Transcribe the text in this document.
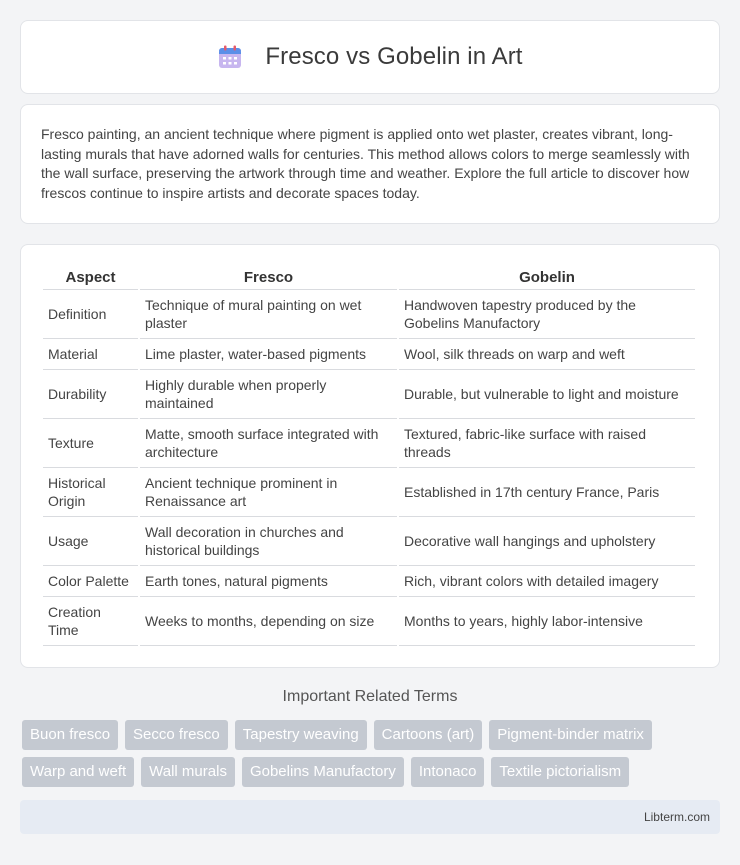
Fresco vs Gobelin in Art

Fresco painting, an ancient technique where pigment is applied onto wet plaster, creates vibrant, long-lasting murals that have adorned walls for centuries. This method allows colors to merge seamlessly with the wall surface, preserving the artwork through time and weather. Explore the full article to discover how frescos continue to inspire artists and decorate spaces today.

Aspect	Fresco	Gobelin
Definition	Technique of mural painting on wet plaster	Handwoven tapestry produced by the Gobelins Manufactory
Material	Lime plaster, water-based pigments	Wool, silk threads on warp and weft
Durability	Highly durable when properly maintained	Durable, but vulnerable to light and moisture
Texture	Matte, smooth surface integrated with architecture	Textured, fabric-like surface with raised threads
Historical Origin	Ancient technique prominent in Renaissance art	Established in 17th century France, Paris
Usage	Wall decoration in churches and historical buildings	Decorative wall hangings and upholstery
Color Palette	Earth tones, natural pigments	Rich, vibrant colors with detailed imagery
Creation Time	Weeks to months, depending on size	Months to years, highly labor-intensive
Important Related Terms
Buon fresco	Secco fresco	Tapestry weaving	Cartoons (art)	Pigment-binder matrix
Warp and weft	Wall murals	Gobelins Manufactory	Intonaco	Textile pictorialism
Libterm.com
